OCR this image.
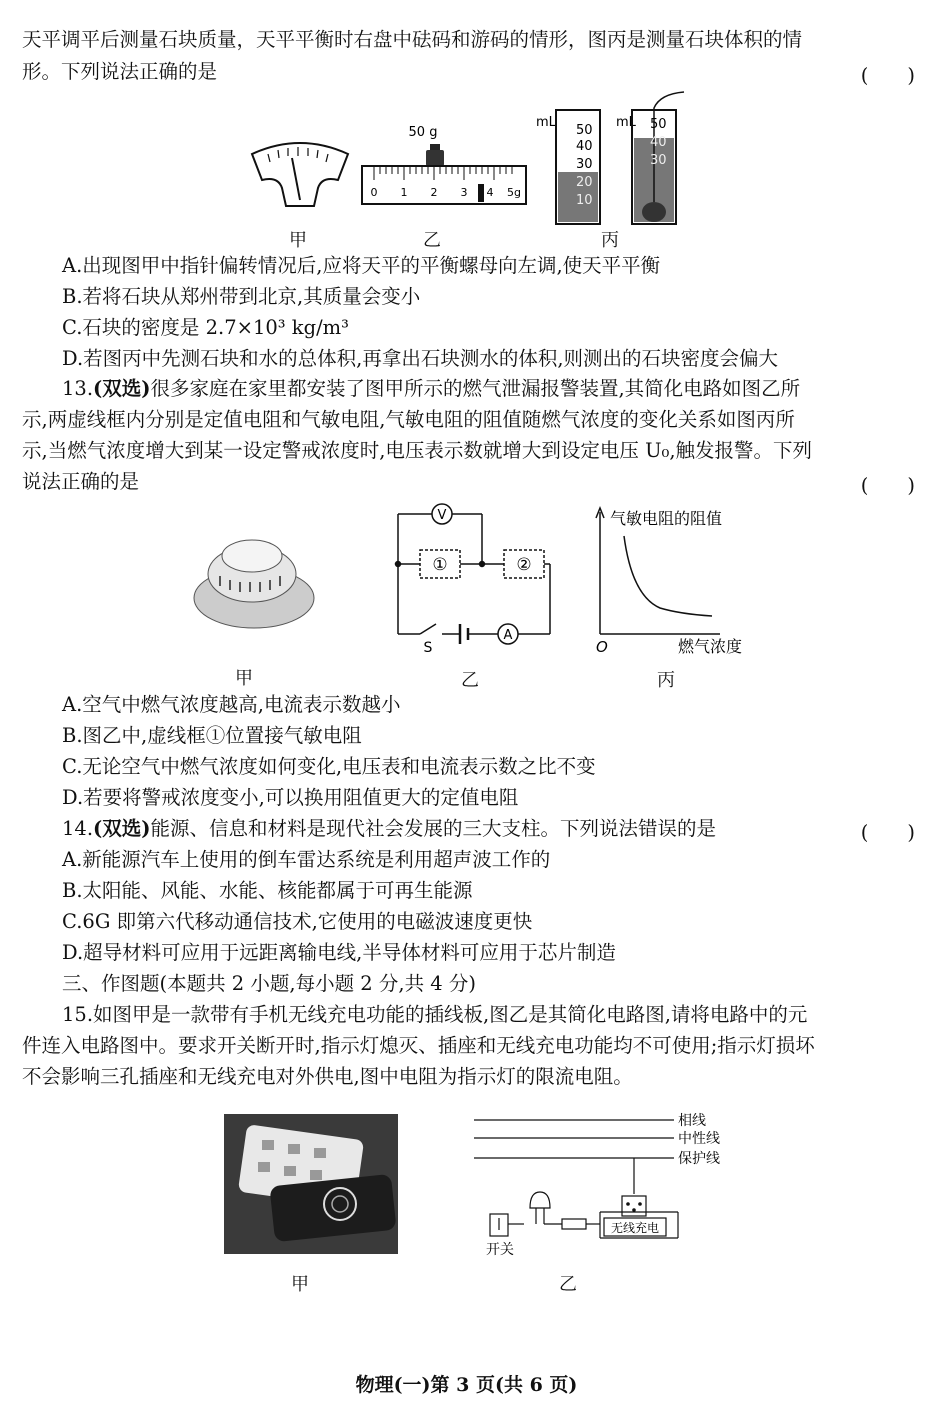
天平调平后测量石块质量，天平平衡时右盘中砝码和游码的情形，图丙是测量石块体积的情
形。下列说法正确的是	(　　)
50 g
0 1 2 3 4 5g
mL
50
40
30
20
10
mL 50
40
30
甲	乙	丙
A.出现图甲中指针偏转情况后,应将天平的平衡螺母向左调,使天平平衡
B.若将石块从郑州带到北京,其质量会变小
C.石块的密度是 2.7×10³ kg/m³
D.若图丙中先测石块和水的总体积,再拿出石块测水的体积,则测出的石块密度会偏大
13.(双选)很多家庭在家里都安装了图甲所示的燃气泄漏报警装置,其简化电路如图乙所
示,两虚线框内分别是定值电阻和气敏电阻,气敏电阻的阻值随燃气浓度的变化关系如图丙所
示,当燃气浓度增大到某一设定警戒浓度时,电压表示数就增大到设定电压 U₀,触发报警。下列
说法正确的是	(　　)
V
A
S
①	②
气敏电阻的阻值
燃气浓度
O
甲	乙	丙
A.空气中燃气浓度越高,电流表示数越小
B.图乙中,虚线框①位置接气敏电阻
C.无论空气中燃气浓度如何变化,电压表和电流表示数之比不变
D.若要将警戒浓度变小,可以换用阻值更大的定值电阻
14.(双选)能源、信息和材料是现代社会发展的三大支柱。下列说法错误的是	(　　)
A.新能源汽车上使用的倒车雷达系统是利用超声波工作的
B.太阳能、风能、水能、核能都属于可再生能源
C.6G 即第六代移动通信技术,它使用的电磁波速度更快
D.超导材料可应用于远距离输电线,半导体材料可应用于芯片制造
三、作图题(本题共 2 小题,每小题 2 分,共 4 分)
15.如图甲是一款带有手机无线充电功能的插线板,图乙是其简化电路图,请将电路中的元
件连入电路图中。要求开关断开时,指示灯熄灭、插座和无线充电功能均不可使用;指示灯损坏
不会影响三孔插座和无线充电对外供电,图中电阻为指示灯的限流电阻。
相线
中性线
保护线
开关
无线充电
甲	乙
物理(一)第 3 页(共 6 页)
